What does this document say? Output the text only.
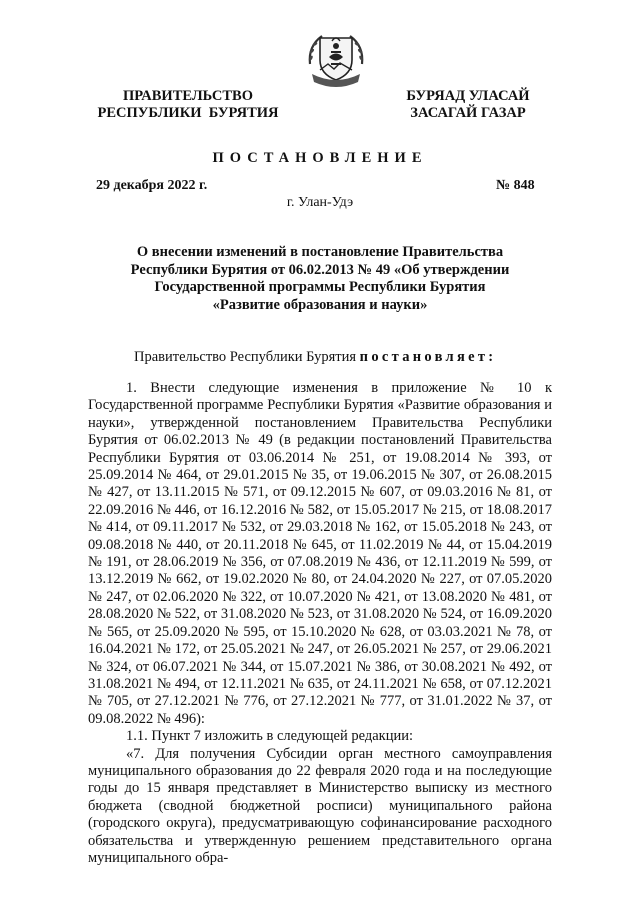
ПРАВИТЕЛЬСТВО
РЕСПУБЛИКИ  БУРЯТИЯ
БУРЯАД УЛАСАЙ
ЗАСАГАЙ ГАЗАР
ПОСТАНОВЛЕНИЕ
29 декабря 2022 г.	№ 848
г. Улан-Удэ
О внесении изменений в постановление Правительства
Республики Бурятия от 06.02.2013 № 49 «Об утверждении
Государственной программы Республики Бурятия
«Развитие образования и науки»
Правительство Республики Бурятия постановляет:

1. Внести следующие изменения в приложение № 10 к Государственной программе Республики Бурятия «Развитие образования и науки», утвержденной постановлением Правительства Республики Бурятия от 06.02.2013 № 49 (в редакции постановлений Правительства Республики Бурятия от 03.06.2014 № 251, от 19.08.2014 № 393, от 25.09.2014 № 464, от 29.01.2015 № 35, от 19.06.2015 № 307, от 26.08.2015 № 427, от 13.11.2015 № 571, от 09.12.2015 № 607, от 09.03.2016 № 81, от 22.09.2016 № 446, от 16.12.2016 № 582, от 15.05.2017 № 215, от 18.08.2017 № 414, от 09.11.2017 № 532, от 29.03.2018 № 162, от 15.05.2018 № 243, от 09.08.2018 № 440, от 20.11.2018 № 645, от 11.02.2019 № 44, от 15.04.2019 № 191, от 28.06.2019 № 356, от 07.08.2019 № 436, от 12.11.2019 № 599, от 13.12.2019 № 662, от 19.02.2020 № 80, от 24.04.2020 № 227, от 07.05.2020 № 247, от 02.06.2020 № 322, от 10.07.2020 № 421, от 13.08.2020 № 481, от 28.08.2020 № 522, от 31.08.2020 № 523, от 31.08.2020 № 524, от 16.09.2020 № 565, от 25.09.2020 № 595, от 15.10.2020 № 628, от 03.03.2021 № 78, от 16.04.2021 № 172, от 25.05.2021 № 247, от 26.05.2021 № 257, от 29.06.2021 № 324, от 06.07.2021 № 344, от 15.07.2021 № 386, от 30.08.2021 № 492, от 31.08.2021 № 494, от 12.11.2021 № 635, от 24.11.2021 № 658, от 07.12.2021 № 705, от 27.12.2021 № 776, от 27.12.2021 № 777, от 31.01.2022 № 37, от 09.08.2022 № 496):

1.1. Пункт 7 изложить в следующей редакции:

«7. Для получения Субсидии орган местного самоуправления муниципального образования до 22 февраля 2020 года и на последующие годы до 15 января представляет в Министерство выписку из местного бюджета (сводной бюджетной росписи) муниципального района (городского округа), предусматривающую софинансирование расходного обязательства и утвержденную решением представительного органа муниципального обра-
